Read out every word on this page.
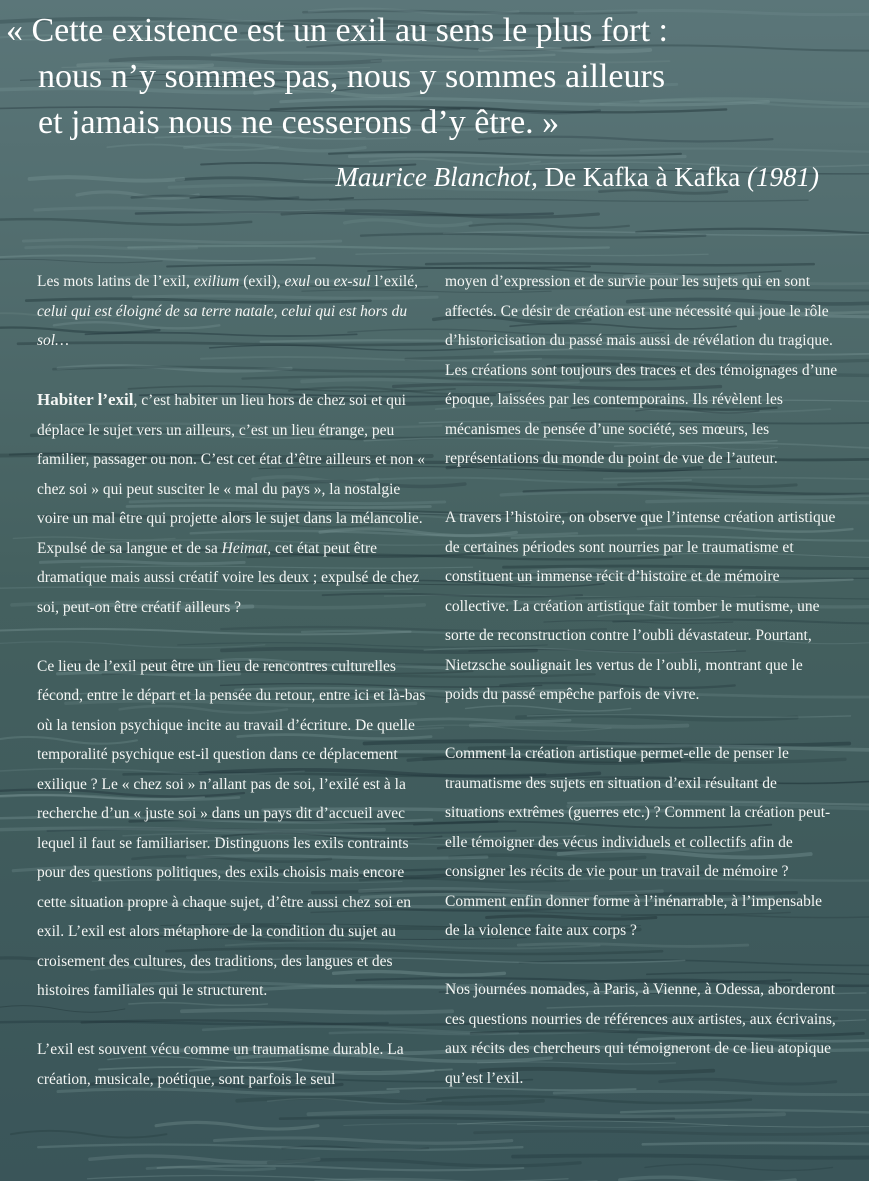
« Cette existence est un exil au sens le plus fort :
nous n’y sommes pas, nous y sommes ailleurs
et jamais nous ne cesserons d’y être. »
Maurice Blanchot, De Kafka à Kafka (1981)

Les mots latins de l’exil, exilium (exil), exul ou ex-sul l’exilé, celui qui est éloigné de sa terre natale, celui qui est hors du sol…

Habiter l’exil, c’est habiter un lieu hors de chez soi et qui déplace le sujet vers un ailleurs, c’est un lieu étrange, peu familier, passager ou non. C’est cet état d’être ailleurs et non « chez soi » qui peut susciter le « mal du pays », la nostalgie voire un mal être qui projette alors le sujet dans la mélancolie. Expulsé de sa langue et de sa Heimat, cet état peut être dramatique mais aussi créatif voire les deux ; expulsé de chez soi, peut-on être créatif ailleurs ?

Ce lieu de l’exil peut être un lieu de rencontres culturelles fécond, entre le départ et la pensée du retour, entre ici et là-bas où la tension psychique incite au travail d’écriture. De quelle temporalité psychique est-il question dans ce déplacement exilique ? Le « chez soi » n’allant pas de soi, l’exilé est à la recherche d’un « juste soi » dans un pays dit d’accueil avec lequel il faut se familiariser. Distinguons les exils contraints pour des questions politiques, des exils choisis mais encore cette situation propre à chaque sujet, d’être aussi chez soi en exil. L’exil est alors métaphore de la condition du sujet au croisement des cultures, des traditions, des langues et des histoires familiales qui le structurent.

L’exil est souvent vécu comme un traumatisme durable. La création, musicale, poétique, sont parfois le seul

moyen d’expression et de survie pour les sujets qui en sont affectés. Ce désir de création est une nécessité qui joue le rôle d’historicisation du passé mais aussi de révélation du tragique. Les créations sont toujours des traces et des témoignages d’une époque, laissées par les contemporains. Ils révèlent les mécanismes de pensée d’une société, ses mœurs, les représentations du monde du point de vue de l’auteur.

A travers l’histoire, on observe que l’intense création artistique de certaines périodes sont nourries par le traumatisme et constituent un immense récit d’histoire et de mémoire collective. La création artistique fait tomber le mutisme, une sorte de reconstruction contre l’oubli dévastateur. Pourtant, Nietzsche soulignait les vertus de l’oubli, montrant que le poids du passé empêche parfois de vivre.

Comment la création artistique permet-elle de penser le traumatisme des sujets en situation d’exil résultant de situations extrêmes (guerres etc.) ? Comment la création peut-elle témoigner des vécus individuels et collectifs afin de consigner les récits de vie pour un travail de mémoire ? Comment enfin donner forme à l’inénarrable, à l’impensable de la violence faite aux corps ?

Nos journées nomades, à Paris, à Vienne, à Odessa, aborderont ces questions nourries de références aux artistes, aux écrivains, aux récits des chercheurs qui témoigneront de ce lieu atopique qu’est l’exil.
